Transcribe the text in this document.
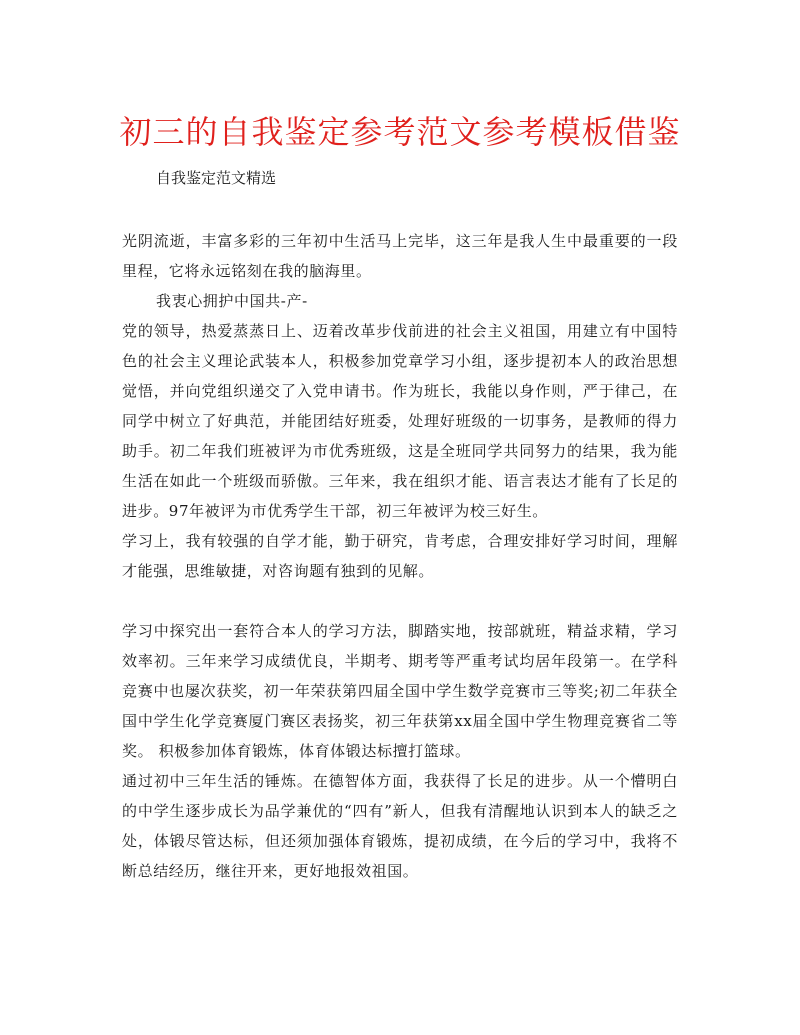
初三的自我鉴定参考范文参考模板借鉴
自我鉴定范文精选

光阴流逝，丰富多彩的三年初中生活马上完毕，这三年是我人生中最重要的一段里程，它将永远铭刻在我的脑海里。

我衷心拥护中国共-产-

党的领导，热爱蒸蒸日上、迈着改革步伐前进的社会主义祖国，用建立有中国特色的社会主义理论武装本人，积极参加党章学习小组，逐步提初本人的政治思想觉悟，并向党组织递交了入党申请书。作为班长，我能以身作则，严于律己，在同学中树立了好典范，并能团结好班委，处理好班级的一切事务，是教师的得力助手。初二年我们班被评为市优秀班级，这是全班同学共同努力的结果，我为能生活在如此一个班级而骄傲。三年来，我在组织才能、语言表达才能有了长足的进步。97年被评为市优秀学生干部，初三年被评为校三好生。

学习上，我有较强的自学才能，勤于研究，肯考虑，合理安排好学习时间，理解才能强，思维敏捷，对咨询题有独到的见解。

学习中探究出一套符合本人的学习方法，脚踏实地，按部就班，精益求精，学习效率初。三年来学习成绩优良，半期考、期考等严重考试均居年段第一。在学科竞赛中也屡次获奖，初一年荣获第四届全国中学生数学竞赛市三等奖;初二年获全国中学生化学竞赛厦门赛区表扬奖，初三年获第xx届全国中学生物理竞赛省二等奖。 积极参加体育锻炼，体育体锻达标擅打篮球。

通过初中三年生活的锤炼。在德智体方面，我获得了长足的进步。从一个懵明白的中学生逐步成长为品学兼优的“四有”新人，但我有清醒地认识到本人的缺乏之处，体锻尽管达标，但还须加强体育锻炼，提初成绩，在今后的学习中，我将不断总结经历，继往开来，更好地报效祖国。
